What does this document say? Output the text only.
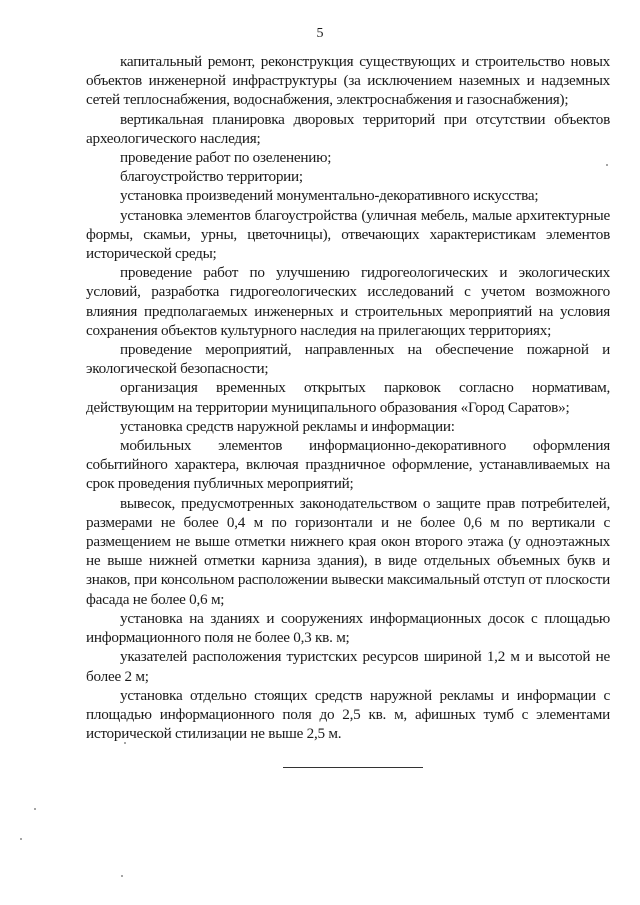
5

капитальный ремонт, реконструкция существующих и строительство новых объектов инженерной инфраструктуры (за исключением наземных и надземных сетей теплоснабжения, водоснабжения, электроснабжения и газоснабжения);

вертикальная планировка дворовых территорий при отсутствии объектов археологического наследия;

проведение работ по озеленению;

благоустройство территории;

установка произведений монументально-декоративного искусства;

установка элементов благоустройства (уличная мебель, малые архитектурные формы, скамьи, урны, цветочницы), отвечающих характеристикам элементов исторической среды;

проведение работ по улучшению гидрогеологических и экологических условий, разработка гидрогеологических исследований с учетом возможного влияния предполагаемых инженерных и строительных мероприятий на условия сохранения объектов культурного наследия на прилегающих территориях;

проведение мероприятий, направленных на обеспечение пожарной и экологической безопасности;

организация временных открытых парковок согласно нормативам, действующим на территории муниципального образования «Город Саратов»;

установка средств наружной рекламы и информации:

мобильных элементов информационно-декоративного оформления событийного характера, включая праздничное оформление, устанавливаемых на срок проведения публичных мероприятий;

вывесок, предусмотренных законодательством о защите прав потребителей, размерами не более 0,4 м по горизонтали и не более 0,6 м по вертикали с размещением не выше отметки нижнего края окон второго этажа (у одноэтажных не выше нижней отметки карниза здания), в виде отдельных объемных букв и знаков, при консольном расположении вывески максимальный отступ от плоскости фасада не более 0,6 м;

установка на зданиях и сооружениях информационных досок с площадью информационного поля не более 0,3 кв. м;

указателей расположения туристских ресурсов шириной 1,2 м и высотой не более 2 м;

установка отдельно стоящих средств наружной рекламы и информации с площадью информационного поля до 2,5 кв. м, афишных тумб с элементами исторической стилизации не выше 2,5 м.
